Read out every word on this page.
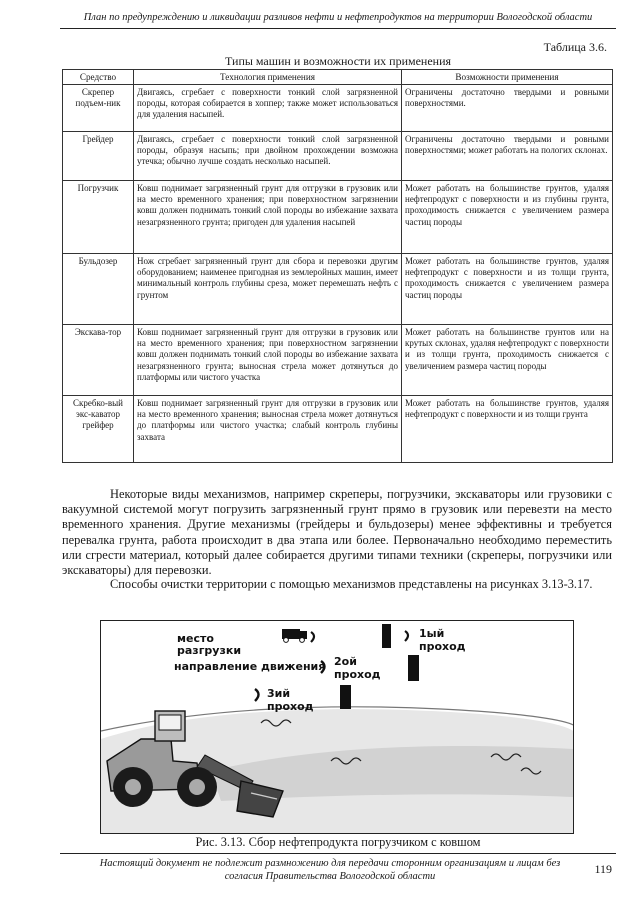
План по предупреждению и ликвидации разливов нефти и нефтепродуктов на территории Вологодской области
Таблица 3.6.
Типы машин и возможности их применения
Средство	Технология применения	Возможности применения
Скрепер подъем-ник	Двигаясь, сгребает с поверхности тонкий слой загрязненной породы, которая собирается в хоппер; также может использоваться для удаления насыпей.	Ограничены достаточно твердыми и ровными поверхностями.
Грейдер	Двигаясь, сгребает с поверхности тонкий слой загрязненной породы, образуя насыпь; при двойном прохождении возможна утечка; обычно лучше создать несколько насыпей.	Ограничены достаточно твердыми и ровными поверхностями; может работать на пологих склонах.
Погрузчик	Ковш поднимает загрязненный грунт для отгрузки в грузовик или на место временного хранения; при поверхностном загрязнении ковш должен поднимать тонкий слой породы во избежание захвата незагрязненного грунта; пригоден для удаления насыпей	Может работать на большинстве грунтов, удаляя нефтепродукт с поверхности и из глубины грунта, проходимость снижается с увеличением размера частиц породы
Бульдозер	Нож сгребает загрязненный грунт для сбора и перевозки другим оборудованием; наименее пригодная из землеройных машин, имеет минимальный контроль глубины среза, может перемешать нефть с грунтом	Может работать на большинстве грунтов, удаляя нефтепродукт с поверхности и из толщи грунта, проходимость снижается с увеличением размера частиц породы
Экскава-тор	Ковш поднимает загрязненный грунт для отгрузки в грузовик или на место временного хранения; при поверхностном загрязнении ковш должен поднимать тонкий слой породы во избежание захвата незагрязненного грунта; выносная стрела может дотянуться до платформы или чистого участка	Может работать на большинстве грунтов или на крутых склонах, удаляя нефтепродукт с поверхности и из толщи грунта, проходимость снижается с увеличением размера частиц породы
Скребко-вый экс-каватор грейфер	Ковш поднимает загрязненный грунт для отгрузки в грузовик или на место временного хранения; выносная стрела может дотянуться до платформы или чистого участка; слабый контроль глубины захвата	Может работать на большинстве грунтов, удаляя нефтепродукт с поверхности и из толщи грунта

Некоторые виды механизмов, например скреперы, погрузчики, экскаваторы или грузовики с вакуумной системой могут погрузить загрязненный грунт прямо в грузовик или перевезти на место временного хранения. Другие механизмы (грейдеры и бульдозеры) менее эффективны и требуется перевалка грунта, работа происходит в два этапа или более. Первоначально необходимо переместить или сгрести материал, который далее собирается другими типами техники (скреперы, погрузчики или экскаваторы) для перевозки.

Способы очистки территории с помощью механизмов представлены на рисунках 3.13-3.17.

место разгрузки
направление движения
1ый проход
2ой проход
3ий проход
Рис. 3.13. Сбор нефтепродукта погрузчиком с ковшом
Настоящий документ не подлежит размножению для передачи сторонним организациям и лицам без согласия Правительства Вологодской области
119
